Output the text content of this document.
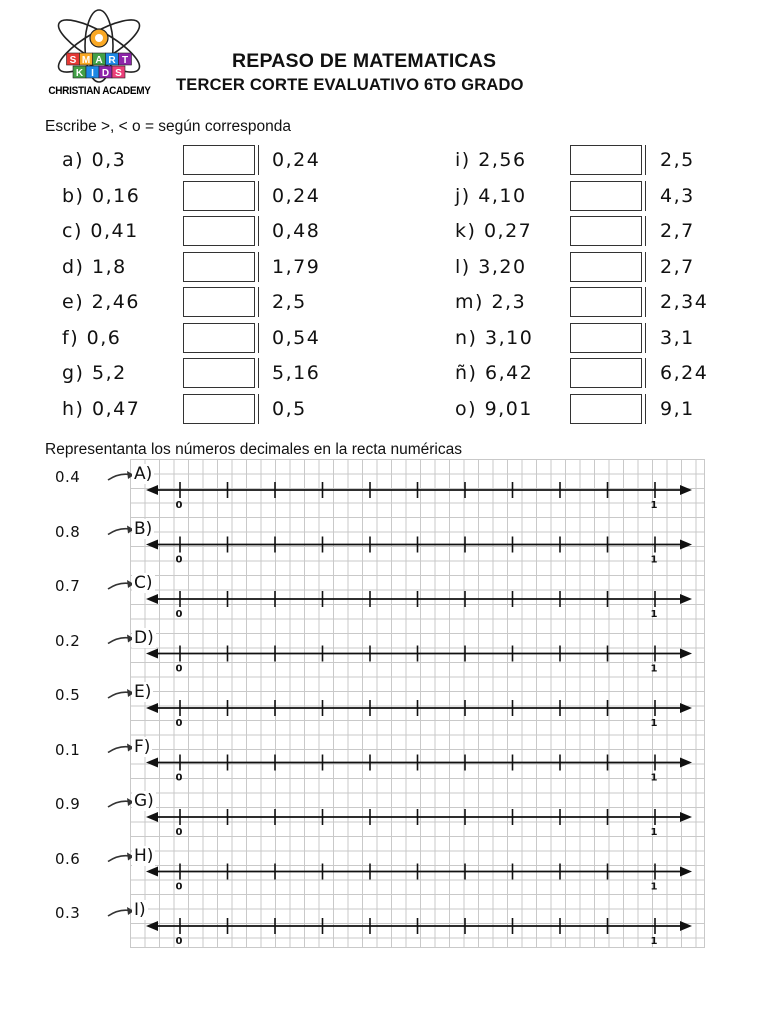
S M A R T
K I D S
CHRISTIAN ACADEMY
REPASO DE MATEMATICAS
TERCER CORTE EVALUATIVO 6TO GRADO
Escribe >, < o = según corresponda
a) 0,3	0,24
b) 0,16	0,24
c) 0,41	0,48
d) 1,8	1,79
e) 2,46	2,5
f) 0,6	0,54
g) 5,2	5,16
h) 0,47	0,5
i) 2,56	2,5
j) 4,10	4,3
k) 0,27	2,7
l) 3,20	2,7
m) 2,3	2,34
n) 3,10	3,1
ñ) 6,42	6,24
o) 9,01	9,1
Representanta los números decimales en la recta numéricas
0	1
0	1
0	1
0	1
0	1
0	1
0	1
0	1
0	1
0.4	A)
0.8	B)
0.7	C)
0.2	D)
0.5	E)
0.1	F)
0.9	G)
0.6	H)
0.3	I)
